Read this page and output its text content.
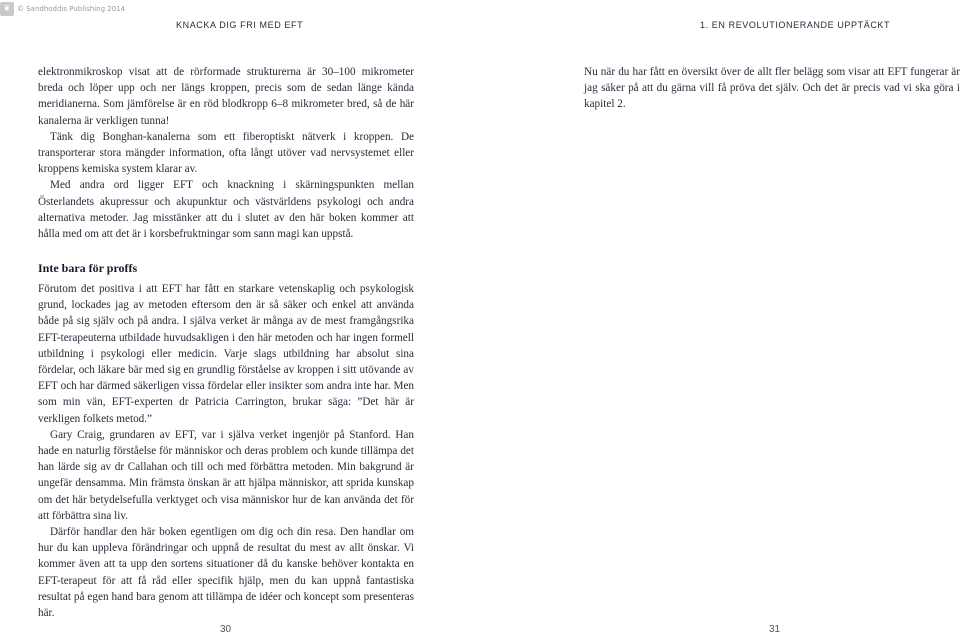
❦ © Sandhoddis Publishing 2014
KNACKA DIG FRI MED EFT	1. EN REVOLUTIONERANDE UPPTÄCKT

elektronmikroskop visat att de rörformade strukturerna är 30–100 mikrometer breda och löper upp och ner längs kroppen, precis som de sedan länge kända meridianerna. Som jämförelse är en röd blodkropp 6–8 mikrometer bred, så de här kanalerna är verkligen tunna!

Tänk dig Bonghan-kanalerna som ett fiberoptiskt nätverk i kroppen. De transporterar stora mängder information, ofta långt utöver vad nervsystemet eller kroppens kemiska system klarar av.

Med andra ord ligger EFT och knackning i skärningspunkten mellan Österlandets akupressur och akupunktur och västvärldens psykologi och andra alternativa metoder. Jag misstänker att du i slutet av den här boken kommer att hålla med om att det är i korsbefruktningar som sann magi kan uppstå.

Inte bara för proffs

Förutom det positiva i att EFT har fått en starkare vetenskaplig och psykologisk grund, lockades jag av metoden eftersom den är så säker och enkel att använda både på sig själv och på andra. I själva verket är många av de mest framgångsrika EFT-terapeuterna utbildade huvudsakligen i den här metoden och har ingen formell utbildning i psykologi eller medicin. Varje slags utbildning har absolut sina fördelar, och läkare bär med sig en grundlig förståelse av kroppen i sitt utövande av EFT och har därmed säkerligen vissa fördelar eller insikter som andra inte har. Men som min vän, EFT-experten dr Patricia Carrington, brukar säga: ”Det här är verkligen folkets metod.”

Gary Craig, grundaren av EFT, var i själva verket ingenjör på Stanford. Han hade en naturlig förståelse för människor och deras problem och kunde tillämpa det han lärde sig av dr Callahan och till och med förbättra metoden. Min bakgrund är ungefär densamma. Min främsta önskan är att hjälpa människor, att sprida kunskap om det här betydelsefulla verktyget och visa människor hur de kan använda det för att förbättra sina liv.

Därför handlar den här boken egentligen om dig och din resa. Den handlar om hur du kan uppleva förändringar och uppnå de resultat du mest av allt önskar. Vi kommer även att ta upp den sortens situationer då du kanske behöver kontakta en EFT-terapeut för att få råd eller specifik hjälp, men du kan uppnå fantastiska resultat på egen hand bara genom att tillämpa de idéer och koncept som presenteras här.

Nu när du har fått en översikt över de allt fler belägg som visar att EFT fungerar är jag säker på att du gärna vill få pröva det själv. Och det är precis vad vi ska göra i kapitel 2.

30	31
